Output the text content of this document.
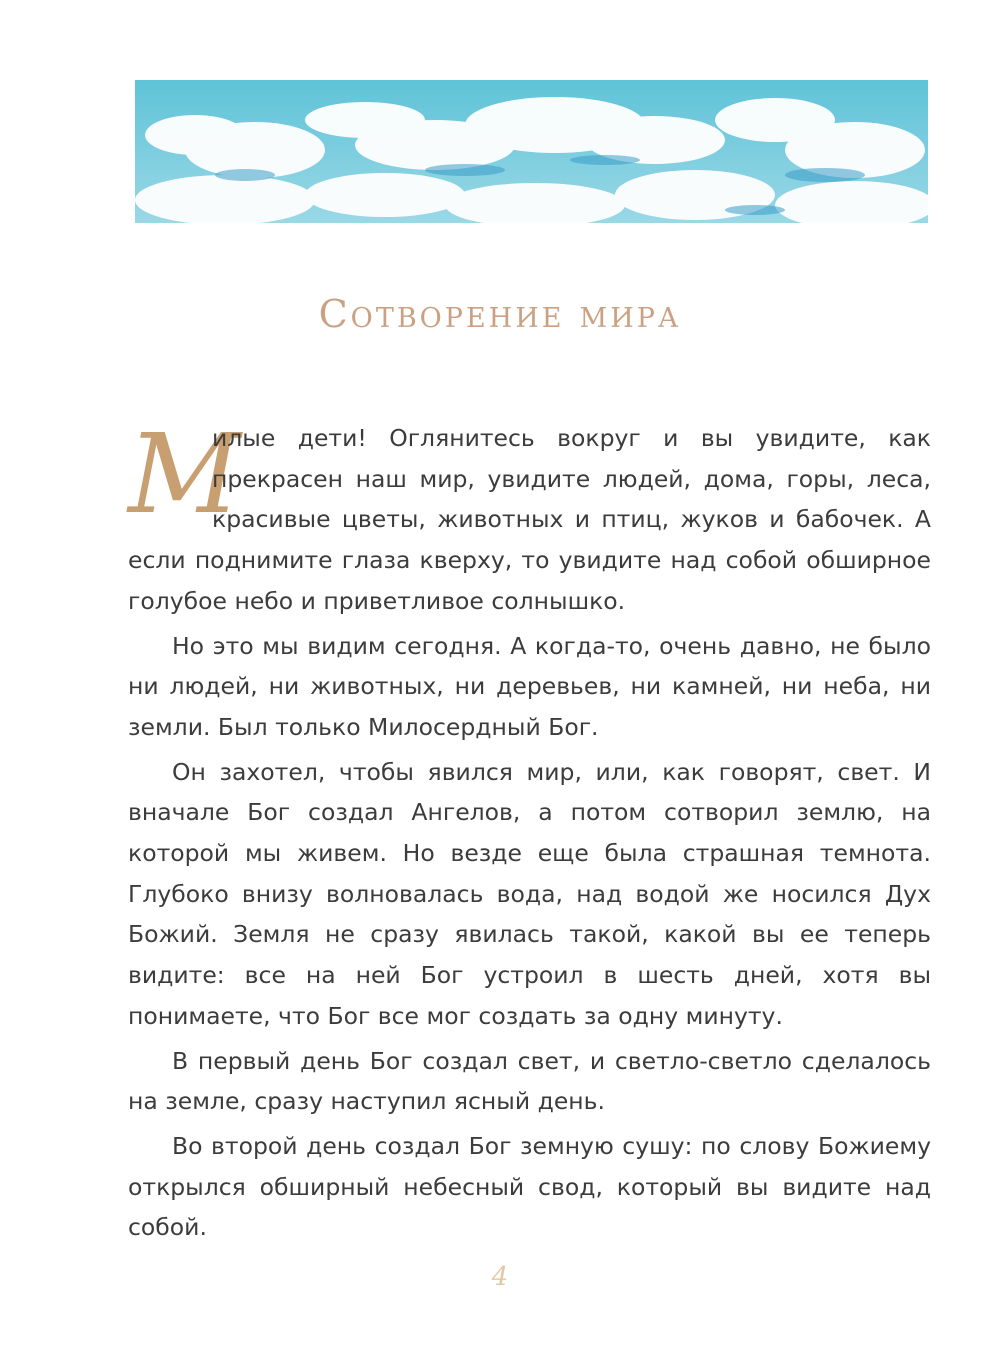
Сотворение мира

М
илые дети! Оглянитесь вокруг и вы увидите, как прекрасен наш мир, увидите людей, дома, горы, леса, красивые цветы, животных и птиц, жуков и бабочек. А если поднимите глаза кверху, то увидите над собой обширное голубое небо и приветливое солнышко.

Но это мы видим сегодня. А когда-то, очень давно, не было ни людей, ни животных, ни деревьев, ни камней, ни неба, ни земли. Был только Милосердный Бог.

Он захотел, чтобы явился мир, или, как говорят, свет. И вначале Бог создал Ангелов, а потом сотворил землю, на которой мы живем. Но везде еще была страшная темнота. Глубоко внизу волновалась вода, над водой же носился Дух Божий. Земля не сразу явилась такой, какой вы ее теперь видите: все на ней Бог устроил в шесть дней, хотя вы понимаете, что Бог все мог создать за одну минуту.

В первый день Бог создал свет, и светло-светло сделалось на земле, сразу наступил ясный день.

Во второй день создал Бог земную сушу: по слову Божиему открылся обширный небесный свод, который вы видите над собой.

4
